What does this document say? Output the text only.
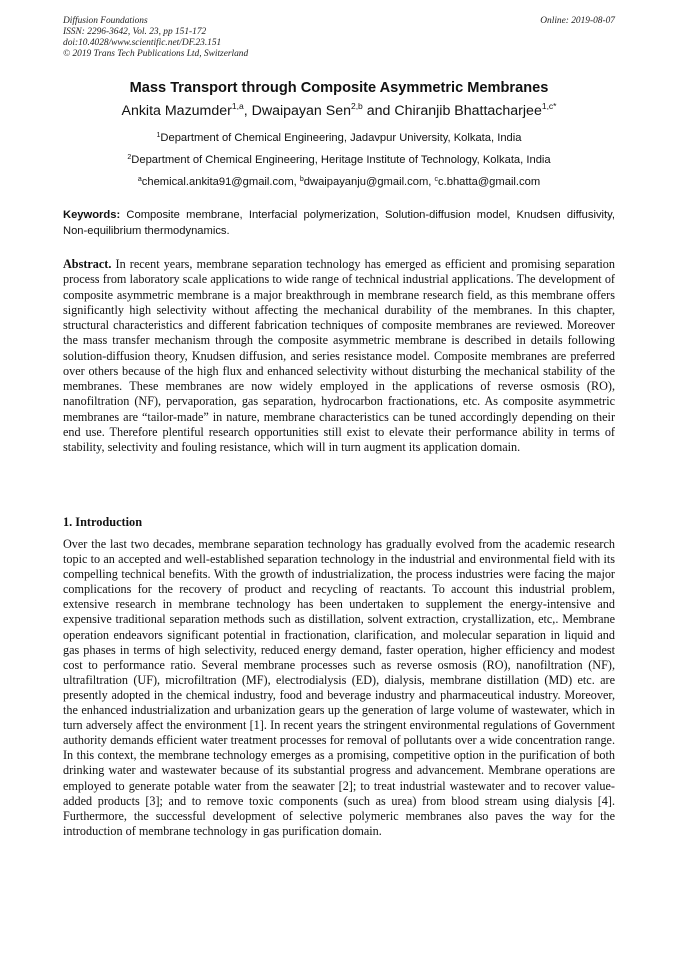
Diffusion Foundations
ISSN: 2296-3642, Vol. 23, pp 151-172
doi:10.4028/www.scientific.net/DF.23.151
© 2019 Trans Tech Publications Ltd, Switzerland
Online: 2019-08-07
Mass Transport through Composite Asymmetric Membranes
Ankita Mazumder$^{1,a}$, Dwaipayan Sen$^{2,b}$ and Chiranjib Bhattacharjee$^{1,c*}$
$^1$Department of Chemical Engineering, Jadavpur University, Kolkata, India
$^2$Department of Chemical Engineering, Heritage Institute of Technology, Kolkata, India
$^a$chemical.ankita91@gmail.com, $^b$dwaipayanju@gmail.com, $^c$c.bhatta@gmail.com
Keywords: Composite membrane, Interfacial polymerization, Solution-diffusion model, Knudsen diffusivity, Non-equilibrium thermodynamics.
Abstract. In recent years, membrane separation technology has emerged as efficient and promising separation process from laboratory scale applications to wide range of technical industrial applications. The development of composite asymmetric membrane is a major breakthrough in membrane research field, as this membrane offers significantly high selectivity without affecting the mechanical durability of the membranes. In this chapter, structural characteristics and different fabrication techniques of composite membranes are reviewed. Moreover the mass transfer mechanism through the composite asymmetric membrane is described in details following solution-diffusion theory, Knudsen diffusion, and series resistance model. Composite membranes are preferred over others because of the high flux and enhanced selectivity without disturbing the mechanical stability of the membranes. These membranes are now widely employed in the applications of reverse osmosis (RO), nanofiltration (NF), pervaporation, gas separation, hydrocarbon fractionations, etc. As composite asymmetric membranes are “tailor-made” in nature, membrane characteristics can be tuned accordingly depending on their end use. Therefore plentiful research opportunities still exist to elevate their performance ability in terms of stability, selectivity and fouling resistance, which will in turn augment its application domain.
1. Introduction
Over the last two decades, membrane separation technology has gradually evolved from the academic research topic to an accepted and well-established separation technology in the industrial and environmental field with its compelling technical benefits. With the growth of industrialization, the process industries were facing the major complications for the recovery of product and recycling of reactants. To account this industrial problem, extensive research in membrane technology has been undertaken to supplement the energy-intensive and expensive traditional separation methods such as distillation, solvent extraction, crystallization, etc,. Membrane operation endeavors significant potential in fractionation, clarification, and molecular separation in liquid and gas phases in terms of high selectivity, reduced energy demand, faster operation, higher efficiency and modest cost to performance ratio. Several membrane processes such as reverse osmosis (RO), nanofiltration (NF), ultrafiltration (UF), microfiltration (MF), electrodialysis (ED), dialysis, membrane distillation (MD) etc. are presently adopted in the chemical industry, food and beverage industry and pharmaceutical industry. Moreover, the enhanced industrialization and urbanization gears up the generation of large volume of wastewater, which in turn adversely affect the environment [1]. In recent years the stringent environmental regulations of Government authority demands efficient water treatment processes for removal of pollutants over a wide concentration range. In this context, the membrane technology emerges as a promising, competitive option in the purification of both drinking water and wastewater because of its substantial progress and advancement. Membrane operations are employed to generate potable water from the seawater [2]; to treat industrial wastewater and to recover value- added products [3]; and to remove toxic components (such as urea) from blood stream using dialysis [4]. Furthermore, the successful development of selective polymeric membranes also paves the way for the introduction of membrane technology in gas purification domain.
